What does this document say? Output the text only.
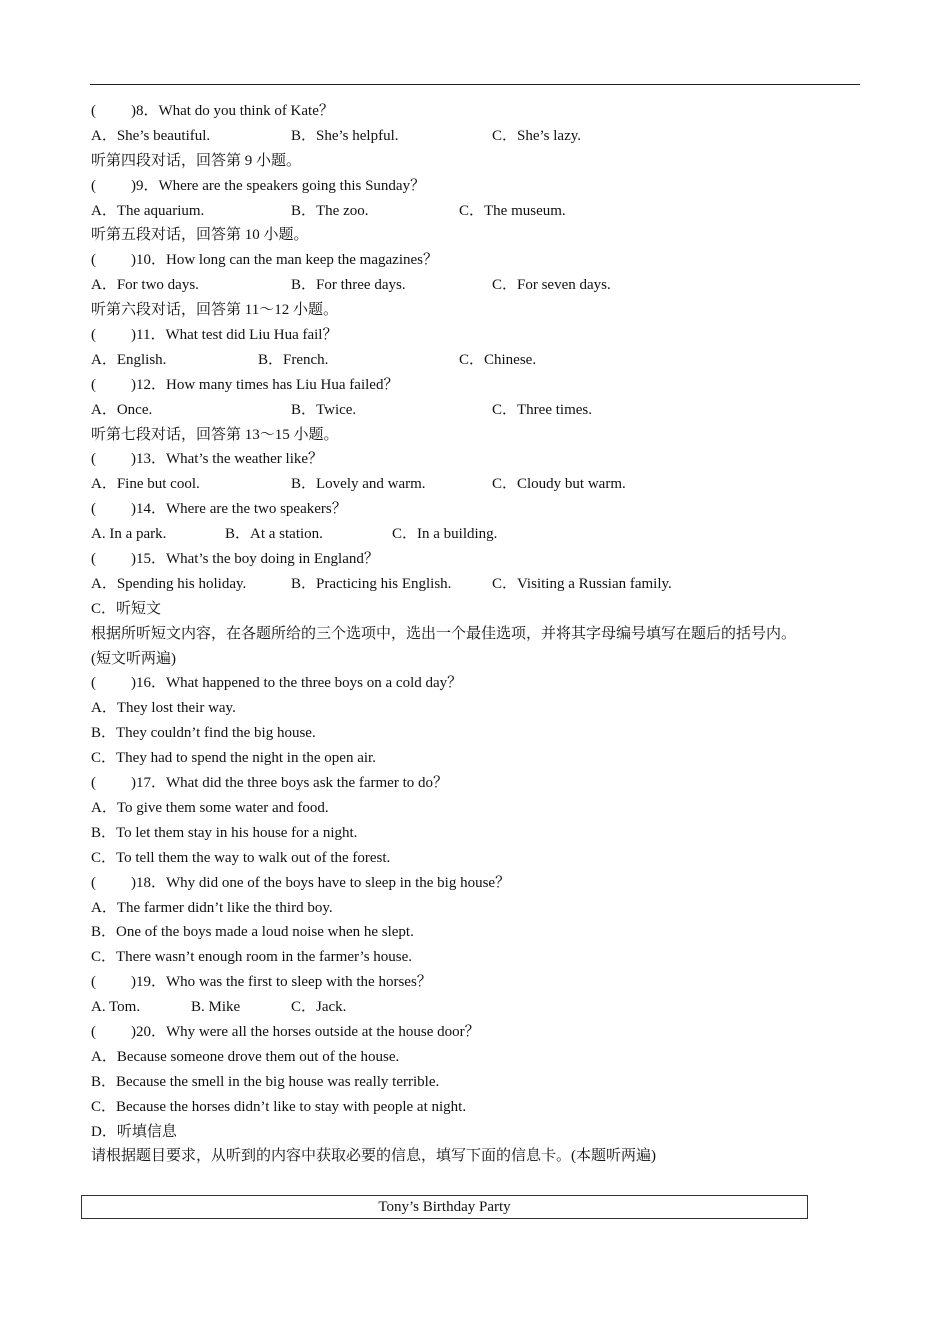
( )8．What do you think of Kate？
A．She’s beautiful.	B．She’s helpful.	C．She’s lazy.
听第四段对话，回答第 9 小题。
( )9．Where are the speakers going this Sunday？
A．The aquarium.	B．The zoo.	C．The museum.
听第五段对话，回答第 10 小题。
( )10．How long can the man keep the magazines？
A．For two days.	B．For three days.	C．For seven days.
听第六段对话，回答第 11～12 小题。
( )11．What test did Liu Hua fail？
A．English.	B．French.	C．Chinese.
( )12．How many times has Liu Hua failed？
A．Once.	B．Twice.	C．Three times.
听第七段对话，回答第 13～15 小题。
( )13．What’s the weather like？
A．Fine but cool.	B．Lovely and warm.	C．Cloudy but warm.
( )14．Where are the two speakers？
A. In a park.	B．At a station.	C．In a building.
( )15．What’s the boy doing in England？
A．Spending his holiday.	B．Practicing his English.	C．Visiting a Russian family.
C．听短文
根据所听短文内容，在各题所给的三个选项中，选出一个最佳选项，并将其字母编号填写在题后的括号内。
(短文听两遍)
( )16．What happened to the three boys on a cold day？
A．They lost their way.
B．They couldn’t find the big house.
C．They had to spend the night in the open air.
( )17．What did the three boys ask the farmer to do？
A．To give them some water and food.
B．To let them stay in his house for a night.
C．To tell them the way to walk out of the forest.
( )18．Why did one of the boys have to sleep in the big house？
A．The farmer didn’t like the third boy.
B．One of the boys made a loud noise when he slept.
C．There wasn’t enough room in the farmer’s house.
( )19．Who was the first to sleep with the horses？
A. Tom.	B. Mike	C．Jack.
( )20．Why were all the horses outside at the house door？
A．Because someone drove them out of the house.
B．Because the smell in the big house was really terrible.
C．Because the horses didn’t like to stay with people at night.
D．听填信息
请根据题目要求，从听到的内容中获取必要的信息，填写下面的信息卡。(本题听两遍)
Tony’s Birthday Party
